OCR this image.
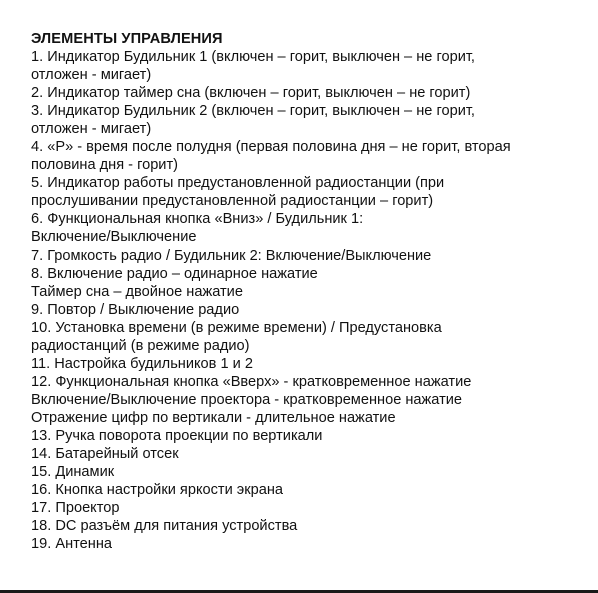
ЭЛЕМЕНТЫ УПРАВЛЕНИЯ
1. Индикатор Будильник 1 (включен – горит, выключен – не горит,
отложен - мигает)
2. Индикатор таймер сна (включен – горит, выключен – не горит)
3. Индикатор Будильник 2 (включен – горит, выключен – не горит,
отложен - мигает)
4. «P» - время после полудня (первая половина дня – не горит, вторая
половина дня - горит)
5. Индикатор работы предустановленной радиостанции (при
прослушивании предустановленной радиостанции – горит)
6. Функциональная кнопка «Вниз» / Будильник 1:
Включение/Выключение
7. Громкость радио / Будильник 2: Включение/Выключение
8. Включение радио – одинарное нажатие
Таймер сна – двойное нажатие
9. Повтор / Выключение радио
10. Установка времени (в режиме времени) / Предустановка
радиостанций (в режиме радио)
11. Настройка будильников 1 и 2
12. Функциональная кнопка «Вверх» - кратковременное нажатие
Включение/Выключение проектора - кратковременное нажатие
Отражение цифр по вертикали - длительное нажатие
13. Ручка поворота проекции по вертикали
14. Батарейный отсек
15. Динамик
16. Кнопка настройки яркости экрана
17. Проектор
18. DC разъём для питания устройства
19. Антенна
